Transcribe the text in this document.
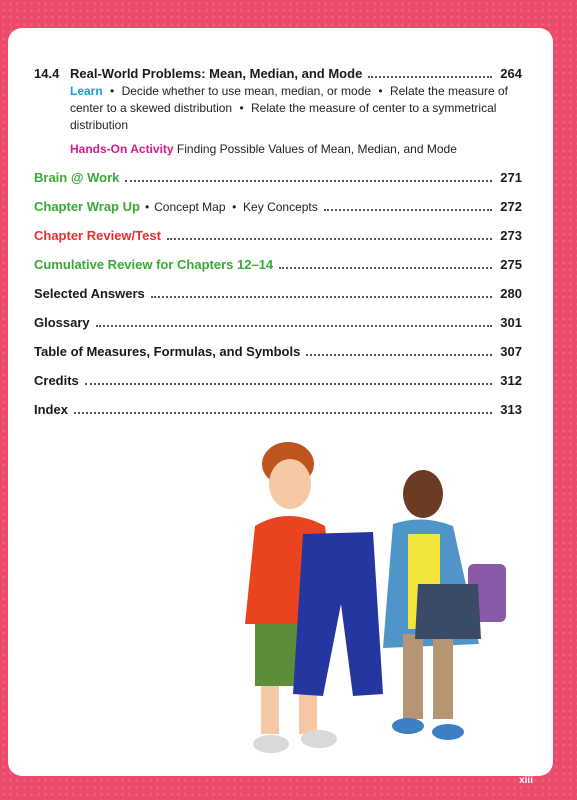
14.4 Real-World Problems: Mean, Median, and Mode	264
Learn • Decide whether to use mean, median, or mode • Relate the measure of center to a skewed distribution • Relate the measure of center to a symmetrical distribution
Hands-On Activity Finding Possible Values of Mean, Median, and Mode
Brain @ Work	271
Chapter Wrap Up • Concept Map  •  Key Concepts	272
Chapter Review/Test	273
Cumulative Review for Chapters 12–14	275
Selected Answers	280
Glossary	301
Table of Measures, Formulas, and Symbols	307
Credits	312
Index	313
xiii
